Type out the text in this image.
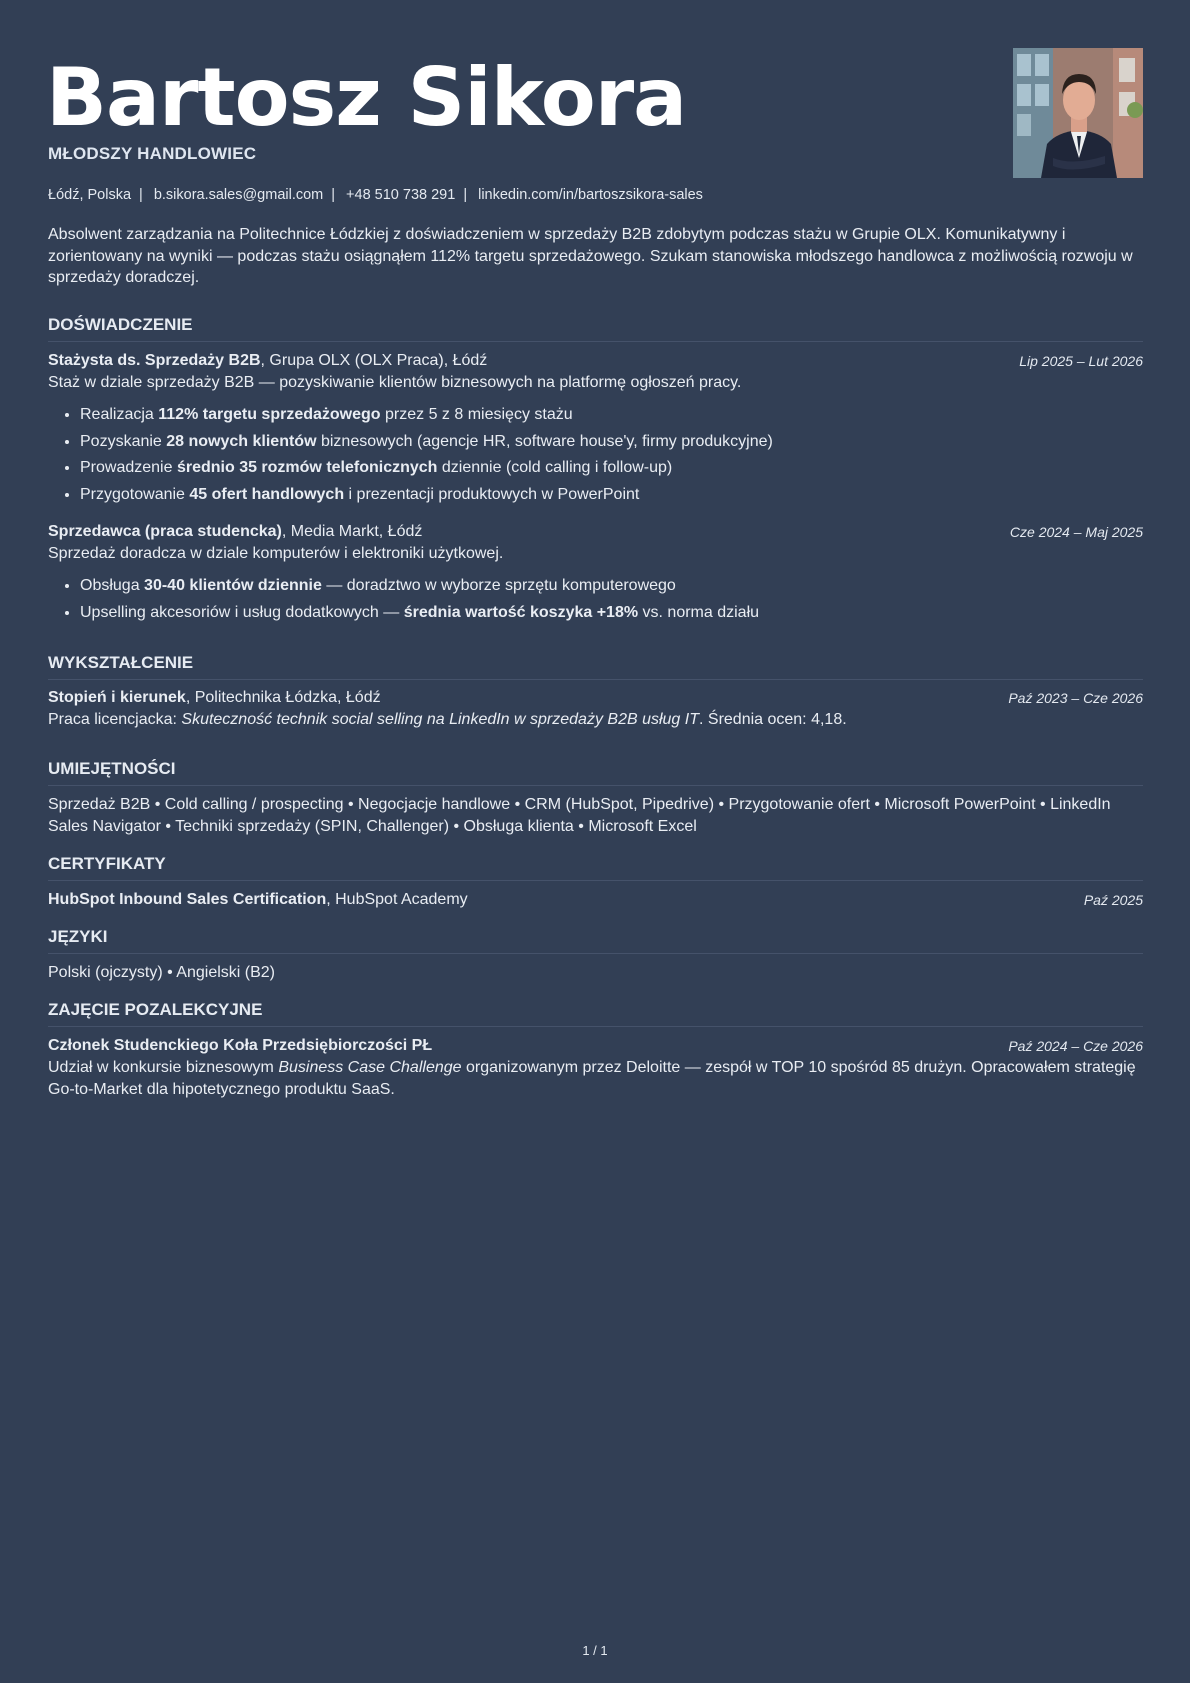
Bartosz Sikora
MŁODSZY HANDLOWIEC
Łódź, Polska | b.sikora.sales@gmail.com | +48 510 738 291 | linkedin.com/in/bartoszsikora-sales
Absolwent zarządzania na Politechnice Łódzkiej z doświadczeniem w sprzedaży B2B zdobytym podczas stażu w Grupie OLX. Komunikatywny i zorientowany na wyniki — podczas stażu osiągnąłem 112% targetu sprzedażowego. Szukam stanowiska młodszego handlowca z możliwością rozwoju w sprzedaży doradczej.
DOŚWIADCZENIE
Stażysta ds. Sprzedaży B2B, Grupa OLX (OLX Praca), Łódź	Lip 2025 – Lut 2026
Staż w dziale sprzedaży B2B — pozyskiwanie klientów biznesowych na platformę ogłoszeń pracy.
• Realizacja 112% targetu sprzedażowego przez 5 z 8 miesięcy stażu
• Pozyskanie 28 nowych klientów biznesowych (agencje HR, software house'y, firmy produkcyjne)
• Prowadzenie średnio 35 rozmów telefonicznych dziennie (cold calling i follow-up)
• Przygotowanie 45 ofert handlowych i prezentacji produktowych w PowerPoint
Sprzedawca (praca studencka), Media Markt, Łódź	Cze 2024 – Maj 2025
Sprzedaż doradcza w dziale komputerów i elektroniki użytkowej.
• Obsługa 30-40 klientów dziennie — doradztwo w wyborze sprzętu komputerowego
• Upselling akcesoriów i usług dodatkowych — średnia wartość koszyka +18% vs. norma działu
WYKSZTAŁCENIE
Stopień i kierunek, Politechnika Łódzka, Łódź	Paź 2023 – Cze 2026
Praca licencjacka: Skuteczność technik social selling na LinkedIn w sprzedaży B2B usług IT. Średnia ocen: 4,18.
UMIEJĘTNOŚCI
Sprzedaż B2B • Cold calling / prospecting • Negocjacje handlowe • CRM (HubSpot, Pipedrive) • Przygotowanie ofert • Microsoft PowerPoint • LinkedIn Sales Navigator • Techniki sprzedaży (SPIN, Challenger) • Obsługa klienta • Microsoft Excel
CERTYFIKATY
HubSpot Inbound Sales Certification, HubSpot Academy	Paź 2025
JĘZYKI
Polski (ojczysty) • Angielski (B2)
ZAJĘCIE POZALEKCYJNE
Członek Studenckiego Koła Przedsiębiorczości PŁ	Paź 2024 – Cze 2026
Udział w konkursie biznesowym Business Case Challenge organizowanym przez Deloitte — zespół w TOP 10 spośród 85 drużyn. Opracowałem strategię Go-to-Market dla hipotetycznego produktu SaaS.
1 / 1
